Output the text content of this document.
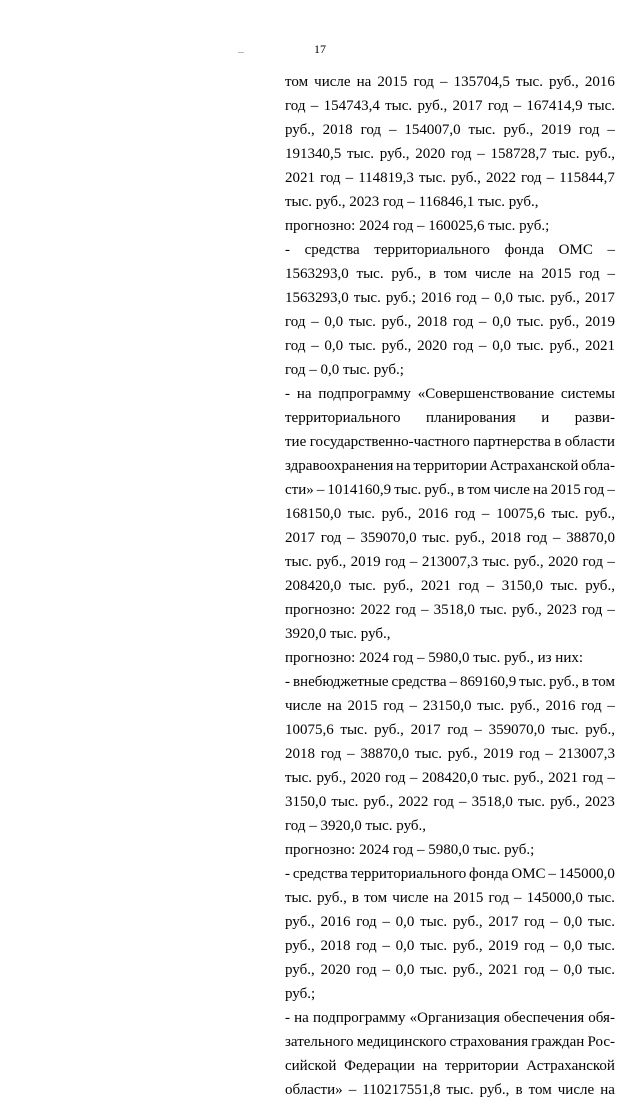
17
том числе на 2015 год – 135704,5 тыс. руб., 2016
год – 154743,4 тыс. руб., 2017 год – 167414,9 тыс.
руб., 2018 год – 154007,0 тыс. руб., 2019 год –
191340,5 тыс. руб., 2020 год – 158728,7 тыс. руб.,
2021 год – 114819,3 тыс. руб., 2022 год – 115844,7
тыс. руб., 2023 год – 116846,1 тыс. руб.,
прогнозно: 2024 год – 160025,6 тыс. руб.;
- средства территориального фонда ОМС –
1563293,0 тыс. руб., в том числе на 2015 год –
1563293,0 тыс. руб.; 2016 год – 0,0 тыс. руб., 2017
год – 0,0 тыс. руб., 2018 год – 0,0 тыс. руб., 2019
год – 0,0 тыс. руб., 2020 год – 0,0 тыс. руб., 2021
год – 0,0 тыс. руб.;
- на подпрограмму «Совершенствование системы
территориального планирования и разви-
тие государственно-частного партнерства в области
здравоохранения на территории Астраханской обла-
сти» – 1014160,9 тыс. руб., в том числе на 2015 год –
168150,0 тыс. руб., 2016 год – 10075,6 тыс. руб.,
2017 год – 359070,0 тыс. руб., 2018 год – 38870,0
тыс. руб., 2019 год – 213007,3 тыс. руб., 2020 год –
208420,0 тыс. руб., 2021 год – 3150,0 тыс. руб.,
прогнозно: 2022 год – 3518,0 тыс. руб., 2023 год –
3920,0 тыс. руб.,
прогнозно: 2024 год – 5980,0 тыс. руб., из них:
- внебюджетные средства – 869160,9 тыс. руб., в том
числе на 2015 год – 23150,0 тыс. руб., 2016 год –
10075,6 тыс. руб., 2017 год – 359070,0 тыс. руб.,
2018 год – 38870,0 тыс. руб., 2019 год – 213007,3
тыс. руб., 2020 год – 208420,0 тыс. руб., 2021 год –
3150,0 тыс. руб., 2022 год – 3518,0 тыс. руб., 2023
год – 3920,0 тыс. руб.,
прогнозно: 2024 год – 5980,0 тыс. руб.;
- средства территориального фонда ОМС – 145000,0
тыс. руб., в том числе на 2015 год – 145000,0 тыс.
руб., 2016 год – 0,0 тыс. руб., 2017 год – 0,0 тыс.
руб., 2018 год – 0,0 тыс. руб., 2019 год – 0,0 тыс.
руб., 2020 год – 0,0 тыс. руб., 2021 год – 0,0 тыс.
руб.;
- на подпрограмму «Организация обеспечения обя-
зательного медицинского страхования граждан Рос-
сийской Федерации на территории Астраханской
области» – 110217551,8 тыс. руб., в том числе на
